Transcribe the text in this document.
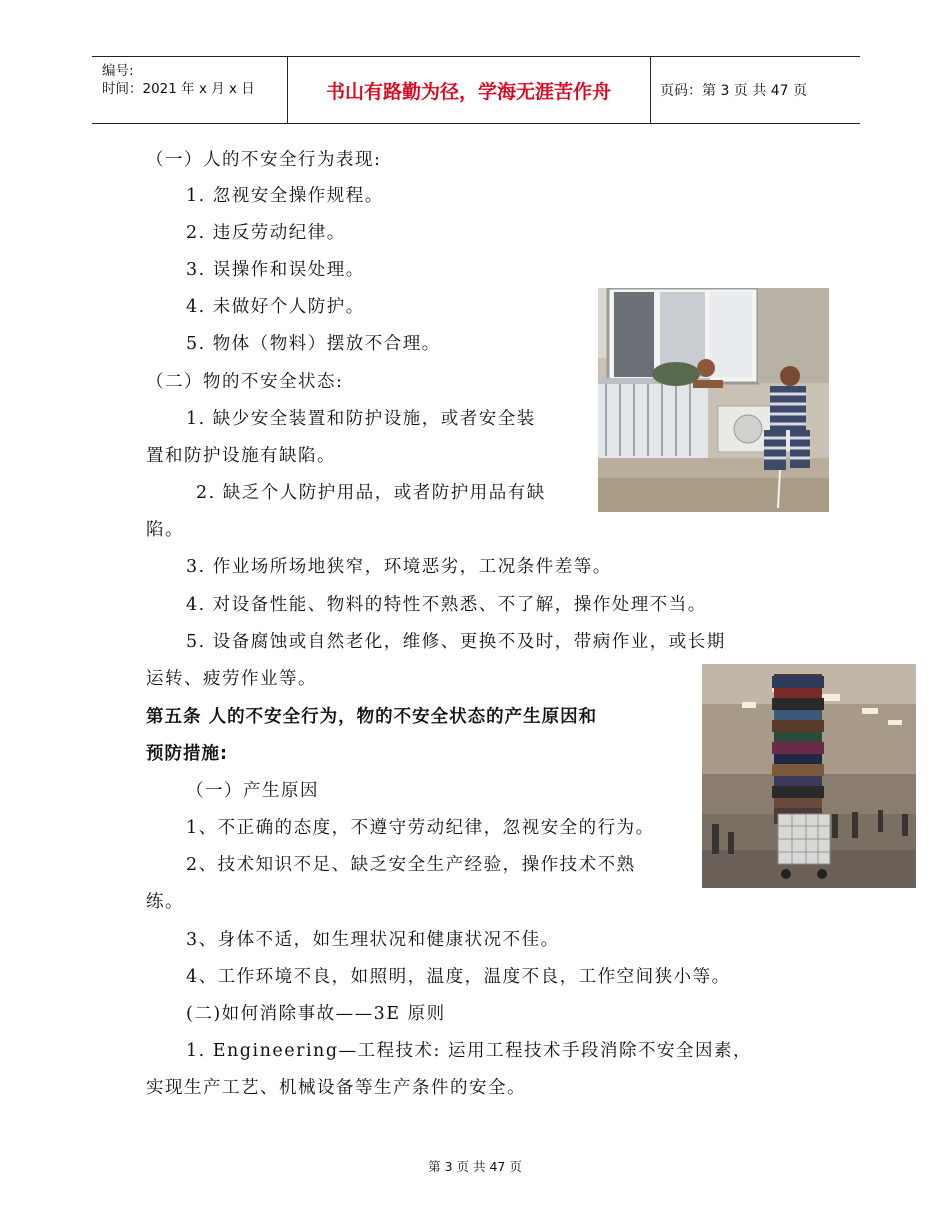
编号:
时间：2021 年 x 月 x 日	书山有路勤为径，学海无涯苦作舟	页码：第 3 页 共 47 页
（一）人的不安全行为表现:
1. 忽视安全操作规程。
2. 违反劳动纪律。
3. 误操作和误处理。
4. 未做好个人防护。
5. 物体（物料）摆放不合理。
（二）物的不安全状态:
1. 缺少安全装置和防护设施，或者安全装
置和防护设施有缺陷。
2. 缺乏个人防护用品，或者防护用品有缺
陷。
3. 作业场所场地狭窄，环境恶劣，工况条件差等。
4. 对设备性能、物料的特性不熟悉、不了解，操作处理不当。
5. 设备腐蚀或自然老化，维修、更换不及时，带病作业，或长期
运转、疲劳作业等。
第五条 人的不安全行为，物的不安全状态的产生原因和
预防措施:
（一）产生原因
1、不正确的态度，不遵守劳动纪律，忽视安全的行为。
2、技术知识不足、缺乏安全生产经验，操作技术不熟
练。
3、身体不适，如生理状况和健康状况不佳。
4、工作环境不良，如照明，温度，温度不良，工作空间狭小等。
(二)如何消除事故——3E 原则
1. Engineering—工程技术: 运用工程技术手段消除不安全因素，
实现生产工艺、机械设备等生产条件的安全。
第 3 页 共 47 页
